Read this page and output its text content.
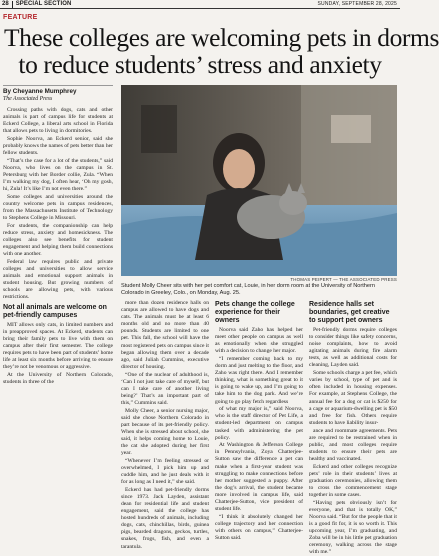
28 SPECIAL SECTION	SUNDAY, SEPTEMBER 28, 2025
FEATURE
These colleges are welcoming pets in dorms
to reduce students’ stress and anxiety
By Cheyanne Mumphrey
The Associated Press

Crossing paths with dogs, cats and other animals is part of campus life for students at Eckerd College, a liberal arts school in Florida that allows pets to living in dormitories.

Sophie Noorva, an Eckerd senior, said she probably knows the names of pets better than her fellow students.

“That’s the case for a lot of the students,” said Noorva, who lives on the campus in St. Petersburg with her Border collie, Zula. “When I’m walking my dog, I often hear, ‘Oh my gosh, hi, Zula! It’s like I’m not even there.”

Some colleges and universities around the country welcome pets in campus residences, from the Massachusetts Institute of Technology to Stephens College in Missouri.

For students, the companionship can help reduce stress, anxiety and homesickness. The colleges also see benefits for student engagement and helping them build connections with one another.

Federal law requires public and private colleges and universities to allow service animals and emotional support animals in student housing. But growing numbers of schools are allowing pets, with various restrictions.

Not all animals are welcome on pet-friendly campuses

MIT allows only cats, in limited numbers and in preapproved spaces. At Eckerd, students can bring their family pets to live with them on campus after their first semester. The college requires pets to have been part of students’ home life at least six months before arriving to ensure they’re not be venomous or aggressive.

At the University of Northern Colorado, students in three of the

THOMAS PEIPERT — THE ASSOCIATED PRESS
Student Molly Cheer sits with her pet comfort cat, Louie, in her dorm room at the University of Northern Colorado in Greeley, Colo., on Monday, Aug. 25.

more than dozen residence halls on campus are allowed to have dogs and cats. The animals must be at least 6 months old and no more than 40 pounds. Students are limited to one pet. This fall, the school will have the most registered pets on campus since it began allowing them over a decade ago, said Juliah Cummins, executive director of housing.

“One of the nuclear of adulthood is, ‘Can I not just take care of myself, but can I take care of another living being?’ That’s an important part of this,” Cummins said.

Molly Cheer, a senior nursing major, said she chose Northern Colorado in part because of its pet-friendly policy. When she is stressed about school, she said, it helps coming home to Louie, the cat she adopted during her first year.

“Whenever I’m feeling stressed or overwhelmed, I pick him up and cuddle him, and he just deals with it for as long as I need it,” she said.

Eckerd has had pet-friendly dorms since 1973. Jack Layden, assistant dean for residential life and student engagement, said the college has hosted hundreds of animals, including dogs, cats, chinchillas, birds, guinea pigs, bearded dragons, geckos, turtles, snakes, frogs, fish, and even a tarantula.

Pets change the college experience for their owners

Noorva said Zaho has helped her meet other people on campus as well as emotionally when she struggled with a decision to change her major.

“I remember coming back to my dorm and just melting to the floor, and Zaho was right there. And I remember thinking, what is something great to it is going to wake up, and I’m going to take him to the dog park. And we’re going to go play fetch regardless

of what my major is,” said Noorva, who is the staff director of Pet Life, a student-led department on campus tasked with administering the pet policy.

At Washington & Jefferson College in Pennsylvania, Zoya Chatterjee-Sutton saw the difference a pet can make when a first-year student was struggling to make connections before her mother suggested a puppy. After the dog’s arrival, the student became more involved in campus life, said Chatterjee-Sutton, vice president of student life.

“I think it absolutely changed her college trajectory and her connection with others on campus,” Chatterjee-Sutton said.

Residence halls set boundaries, get creative to support pet owners

Pet-friendly dorms require colleges to consider things like safety concerns, noise complaints, how to avoid agitating animals during fire alarm tests, as well as additional costs for cleaning, Layden said.

Some schools charge a pet fee, which varies by school, type of pet and is often included in housing expenses. For example, at Stephens College, the annual fee for a dog or cat is $250 for a cage or aquarium-dwelling pet is $50 and free for fish. Others require students to have liability insur-

ance and roommate agreements. Pets are required to be restrained when in public, and most colleges require students to ensure their pets are healthy and vaccinated.

Eckerd and other colleges recognize pets’ role in their students’ lives at graduation ceremonies, allowing them to cross the commencement stage together in some cases.

“Having pets obviously isn’t for everyone, and that is totally OK,” Noorva said. “But for the people that it is a good fit for, it is so worth it. This upcoming year, I’m graduating, and Zoba will be in his little pet graduation ceremony, walking across the stage with me.”
